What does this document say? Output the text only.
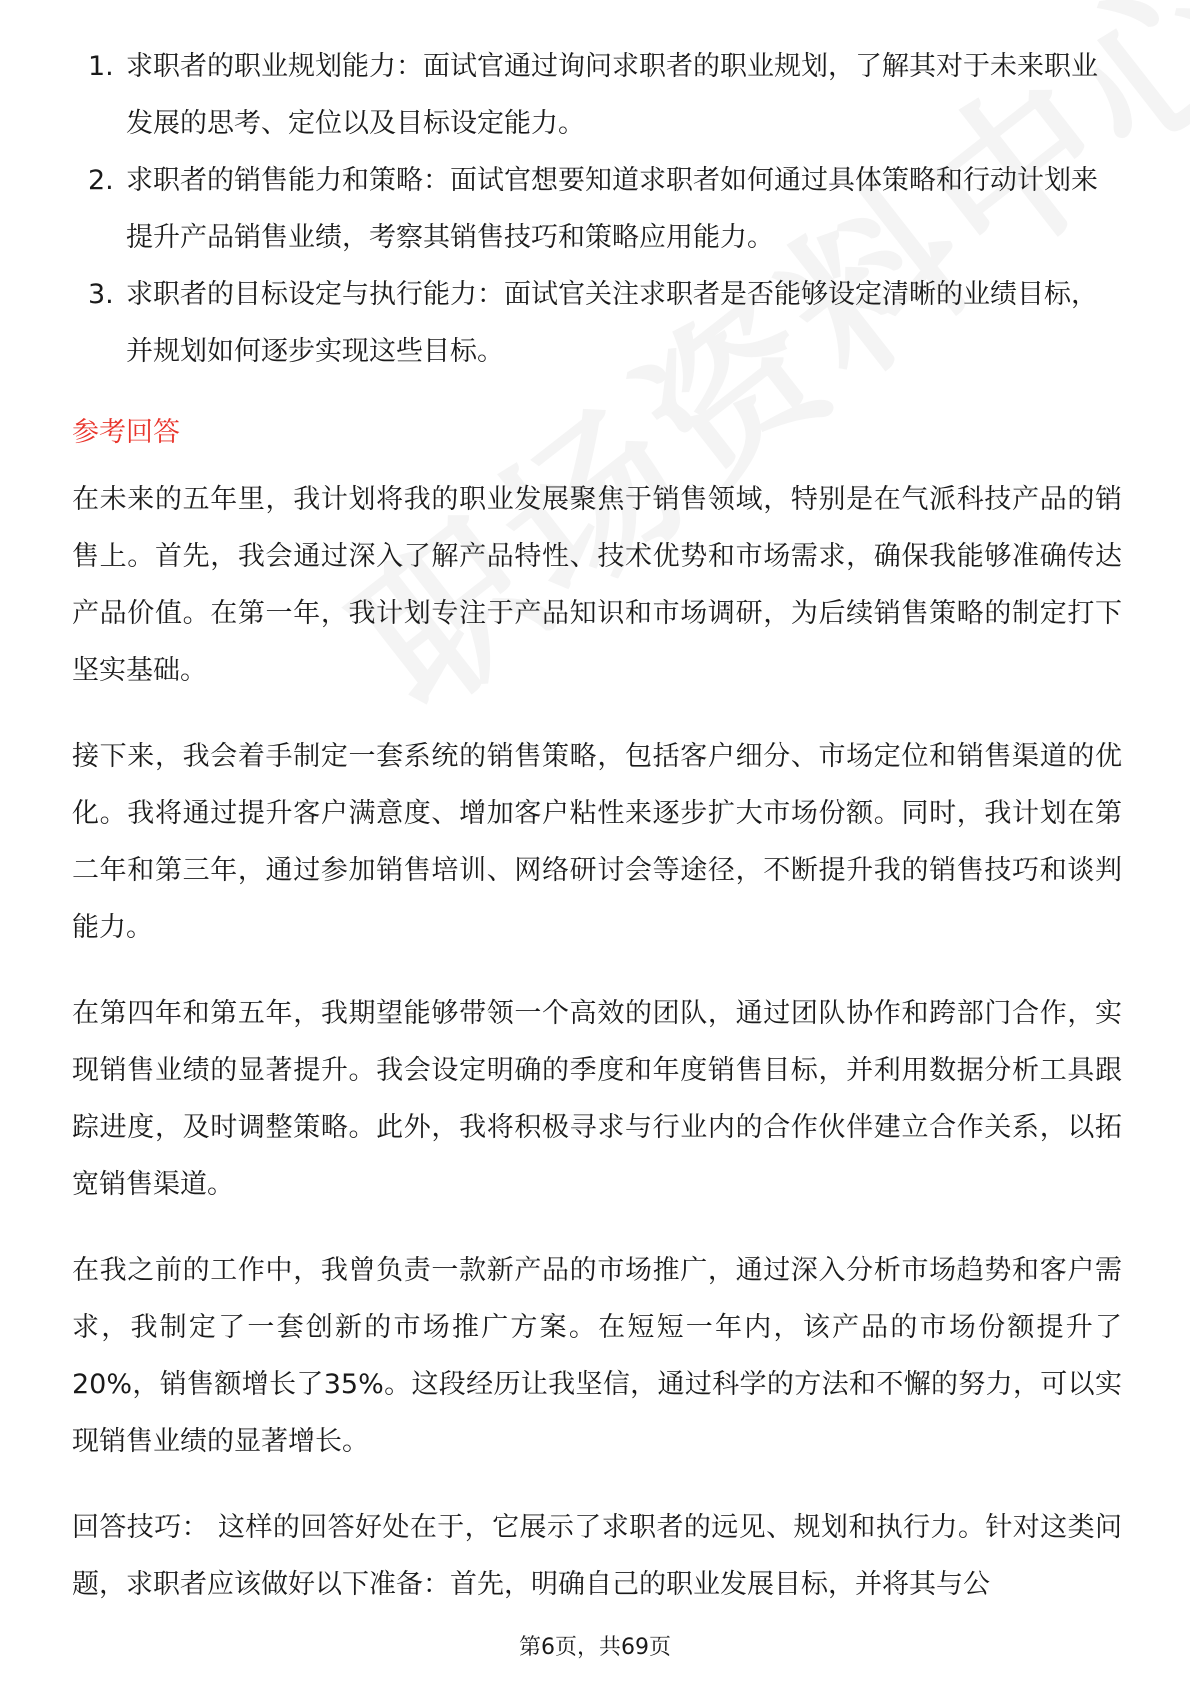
1. 求职者的职业规划能力：面试官通过询问求职者的职业规划，了解其对于未来职业发展的思考、定位以及目标设定能力。
2. 求职者的销售能力和策略：面试官想要知道求职者如何通过具体策略和行动计划来提升产品销售业绩，考察其销售技巧和策略应用能力。
3. 求职者的目标设定与执行能力：面试官关注求职者是否能够设定清晰的业绩目标，并规划如何逐步实现这些目标。
参考回答

在未来的五年里，我计划将我的职业发展聚焦于销售领域，特别是在气派科技产品的销售上。首先，我会通过深入了解产品特性、技术优势和市场需求，确保我能够准确传达产品价值。在第一年，我计划专注于产品知识和市场调研，为后续销售策略的制定打下坚实基础。

接下来，我会着手制定一套系统的销售策略，包括客户细分、市场定位和销售渠道的优化。我将通过提升客户满意度、增加客户粘性来逐步扩大市场份额。同时，我计划在第二年和第三年，通过参加销售培训、网络研讨会等途径，不断提升我的销售技巧和谈判能力。

在第四年和第五年，我期望能够带领一个高效的团队，通过团队协作和跨部门合作，实现销售业绩的显著提升。我会设定明确的季度和年度销售目标，并利用数据分析工具跟踪进度，及时调整策略。此外，我将积极寻求与行业内的合作伙伴建立合作关系，以拓宽销售渠道。

在我之前的工作中，我曾负责一款新产品的市场推广，通过深入分析市场趋势和客户需求，我制定了一套创新的市场推广方案。在短短一年内，该产品的市场份额提升了20%，销售额增长了35%。这段经历让我坚信，通过科学的方法和不懈的努力，可以实现销售业绩的显著增长。

回答技巧： 这样的回答好处在于，它展示了求职者的远见、规划和执行力。针对这类问题，求职者应该做好以下准备：首先，明确自己的职业发展目标，并将其与公

第6页，共69页
